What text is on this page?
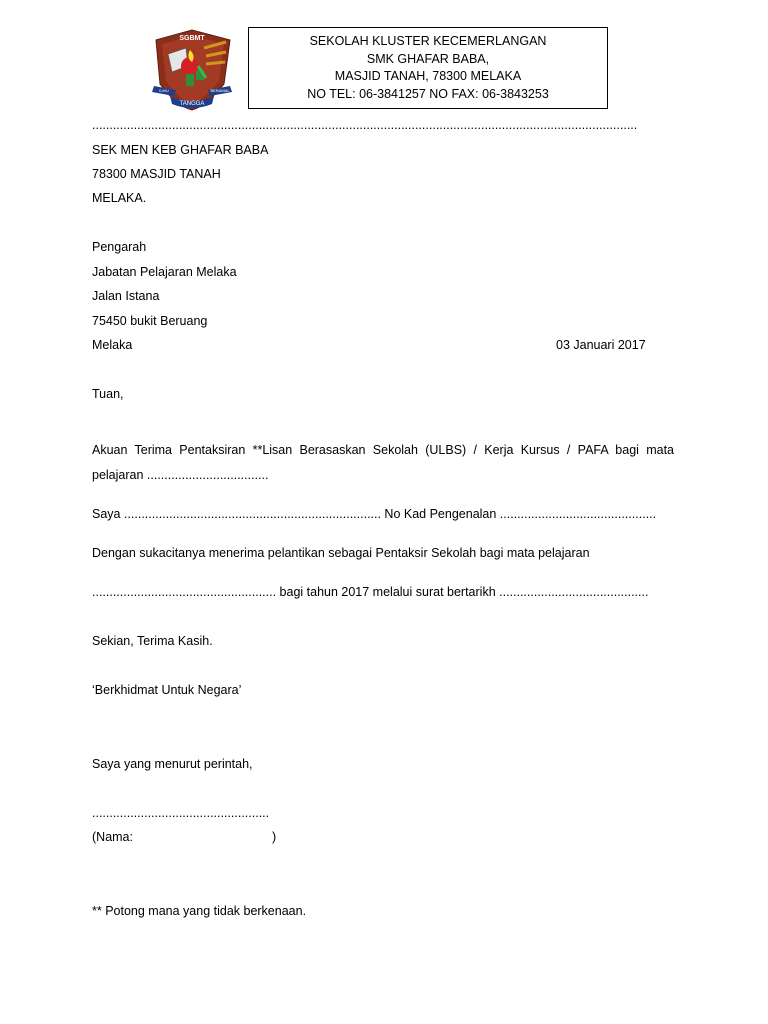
SGBMT
ILMU	BERAMAL
TANGGA
SEKOLAH KLUSTER KECEMERLANGAN
SMK GHAFAR BABA,
MASJID TANAH, 78300 MELAKA
NO TEL: 06-3841257 NO FAX: 06-3843253
.............................................................................................................................................................
SEK MEN KEB GHAFAR BABA
78300 MASJID TANAH
MELAKA.
Pengarah
Jabatan Pelajaran Melaka
Jalan Istana
75450 bukit Beruang
Melaka	03 Januari 2017
Tuan,
Akuan Terima Pentaksiran **Lisan Berasaskan Sekolah (ULBS) / Kerja Kursus / PAFA bagi mata
pelajaran ...................................
Saya .......................................................................... No Kad Pengenalan .............................................
Dengan sukacitanya menerima pelantikan sebagai Pentaksir Sekolah bagi mata pelajaran
..................................................... bagi tahun 2017 melalui surat bertarikh ...........................................
Sekian, Terima Kasih.
‘Berkhidmat Untuk Negara’
Saya yang menurut perintah,
...................................................
(Nama:	)
** Potong mana yang tidak berkenaan.
